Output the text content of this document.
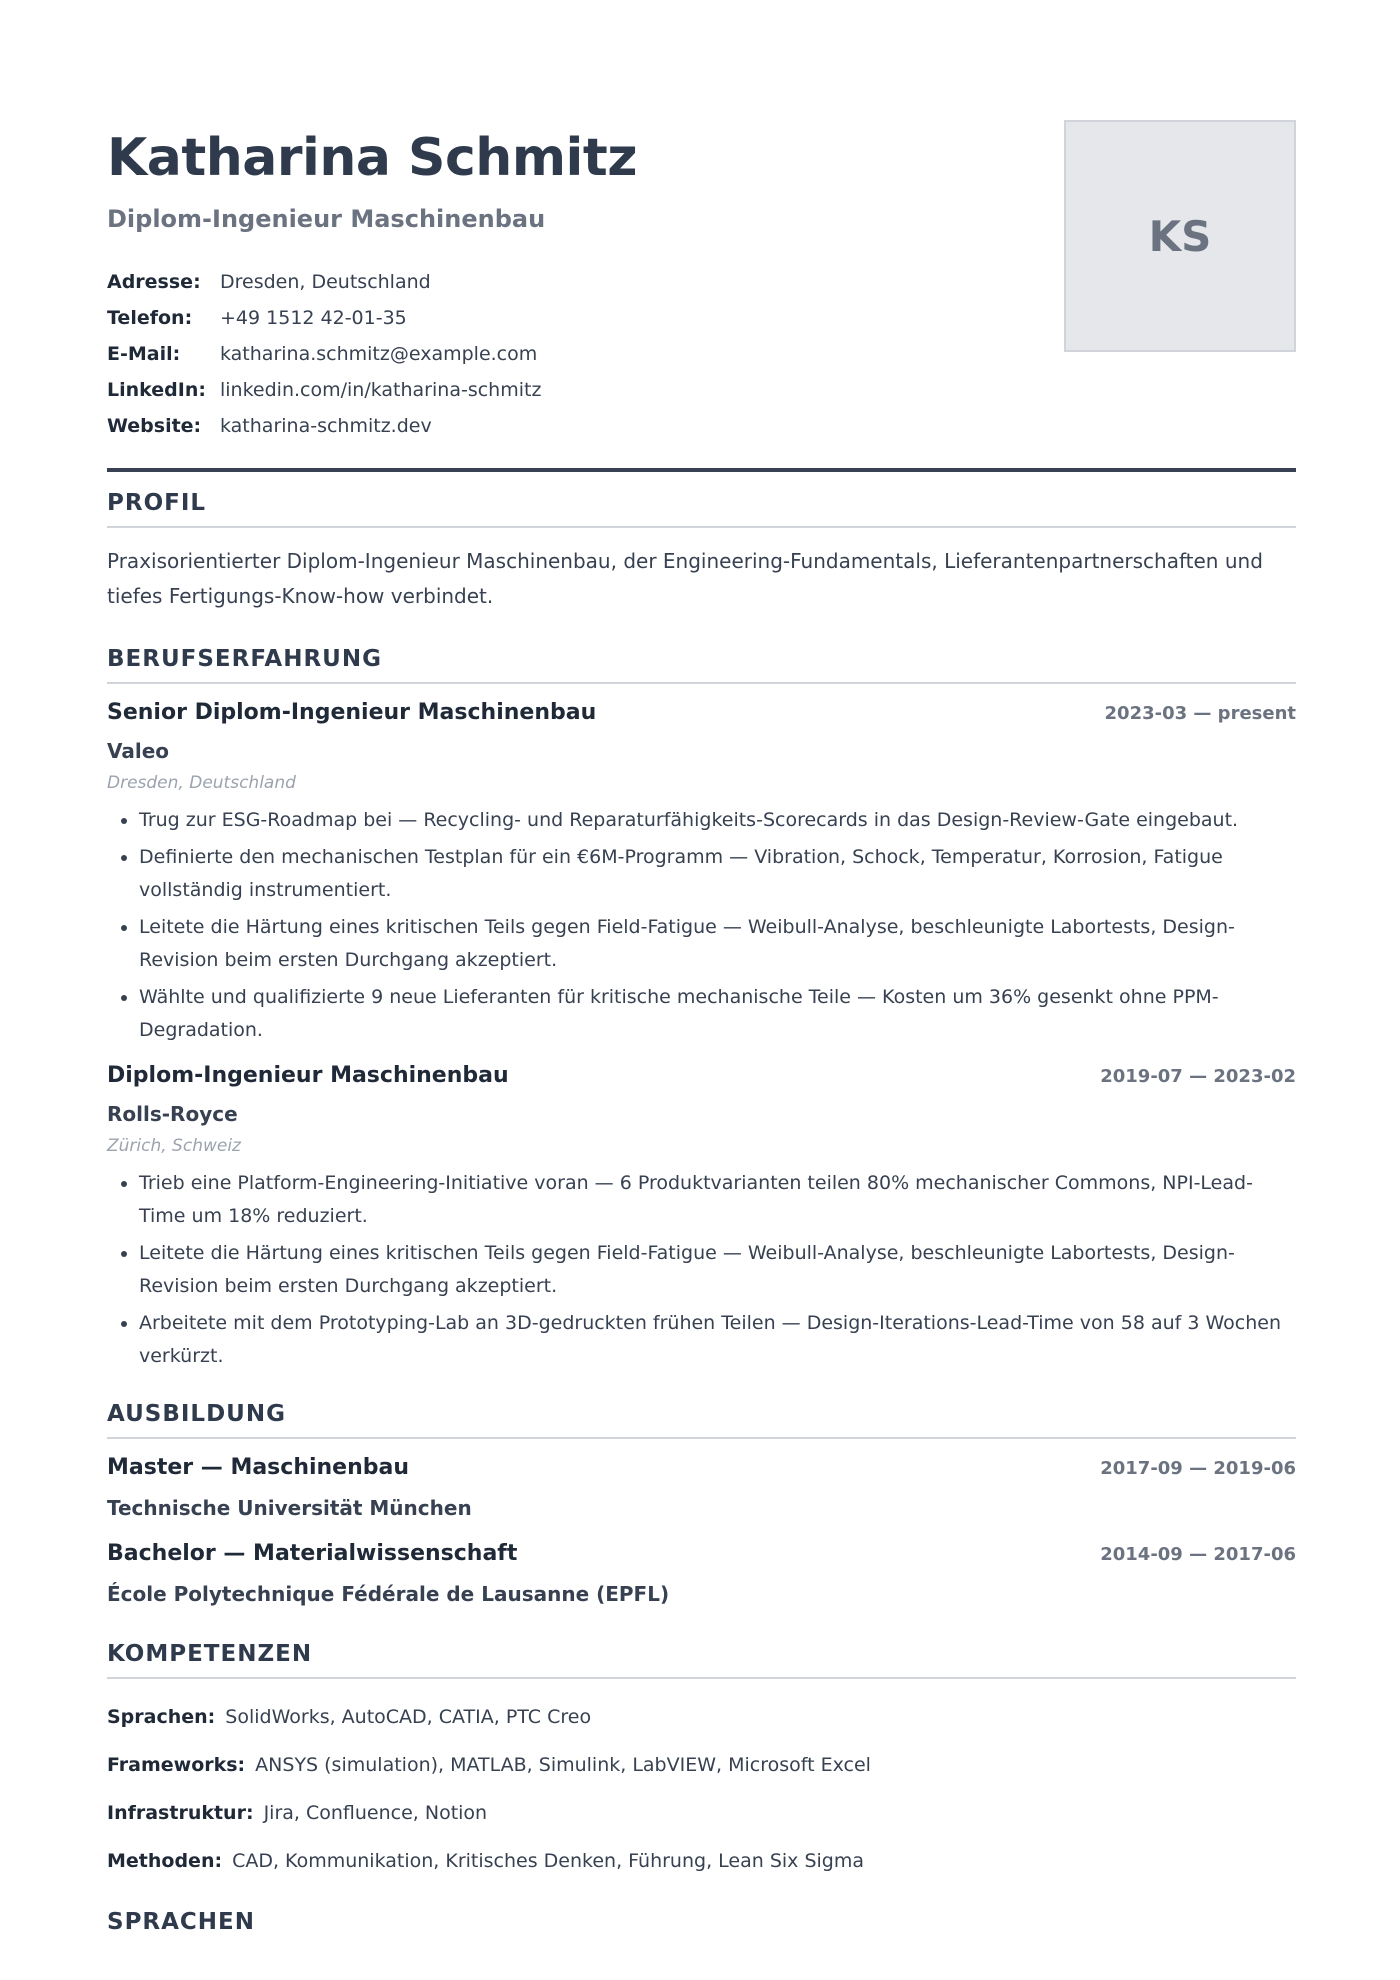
Katharina Schmitz
Diplom-Ingenieur Maschinenbau
Adresse:	Dresden, Deutschland
Telefon:	+49 1512 42-01-35
E-Mail:	katharina.schmitz@example.com
LinkedIn: linkedin.com/in/katharina-schmitz
Website: katharina-schmitz.dev
KS
PROFIL
Praxisorientierter Diplom-Ingenieur Maschinenbau, der Engineering-Fundamentals, Lieferantenpartnerschaften und tiefes Fertigungs-Know-how verbindet.
BERUFSERFAHRUNG
Senior Diplom-Ingenieur Maschinenbau	2023-03 — present
Valeo
Dresden, Deutschland
• Trug zur ESG-Roadmap bei — Recycling- und Reparaturfähigkeits-Scorecards in das Design-Review-Gate eingebaut.
• Definierte den mechanischen Testplan für ein €6M-Programm — Vibration, Schock, Temperatur, Korrosion, Fatigue vollständig instrumentiert.
• Leitete die Härtung eines kritischen Teils gegen Field-Fatigue — Weibull-Analyse, beschleunigte Labortests, Design-Revision beim ersten Durchgang akzeptiert.
• Wählte und qualifizierte 9 neue Lieferanten für kritische mechanische Teile — Kosten um 36% gesenkt ohne PPM-Degradation.
Diplom-Ingenieur Maschinenbau	2019-07 — 2023-02
Rolls-Royce
Zürich, Schweiz
• Trieb eine Platform-Engineering-Initiative voran — 6 Produktvarianten teilen 80% mechanischer Commons, NPI-Lead-Time um 18% reduziert.
• Leitete die Härtung eines kritischen Teils gegen Field-Fatigue — Weibull-Analyse, beschleunigte Labortests, Design-Revision beim ersten Durchgang akzeptiert.
• Arbeitete mit dem Prototyping-Lab an 3D-gedruckten frühen Teilen — Design-Iterations-Lead-Time von 58 auf 3 Wochen verkürzt.
AUSBILDUNG
Master — Maschinenbau	2017-09 — 2019-06
Technische Universität München
Bachelor — Materialwissenschaft	2014-09 — 2017-06
École Polytechnique Fédérale de Lausanne (EPFL)
KOMPETENZEN
Sprachen: SolidWorks, AutoCAD, CATIA, PTC Creo
Frameworks: ANSYS (simulation), MATLAB, Simulink, LabVIEW, Microsoft Excel
Infrastruktur: Jira, Confluence, Notion
Methoden: CAD, Kommunikation, Kritisches Denken, Führung, Lean Six Sigma
SPRACHEN
